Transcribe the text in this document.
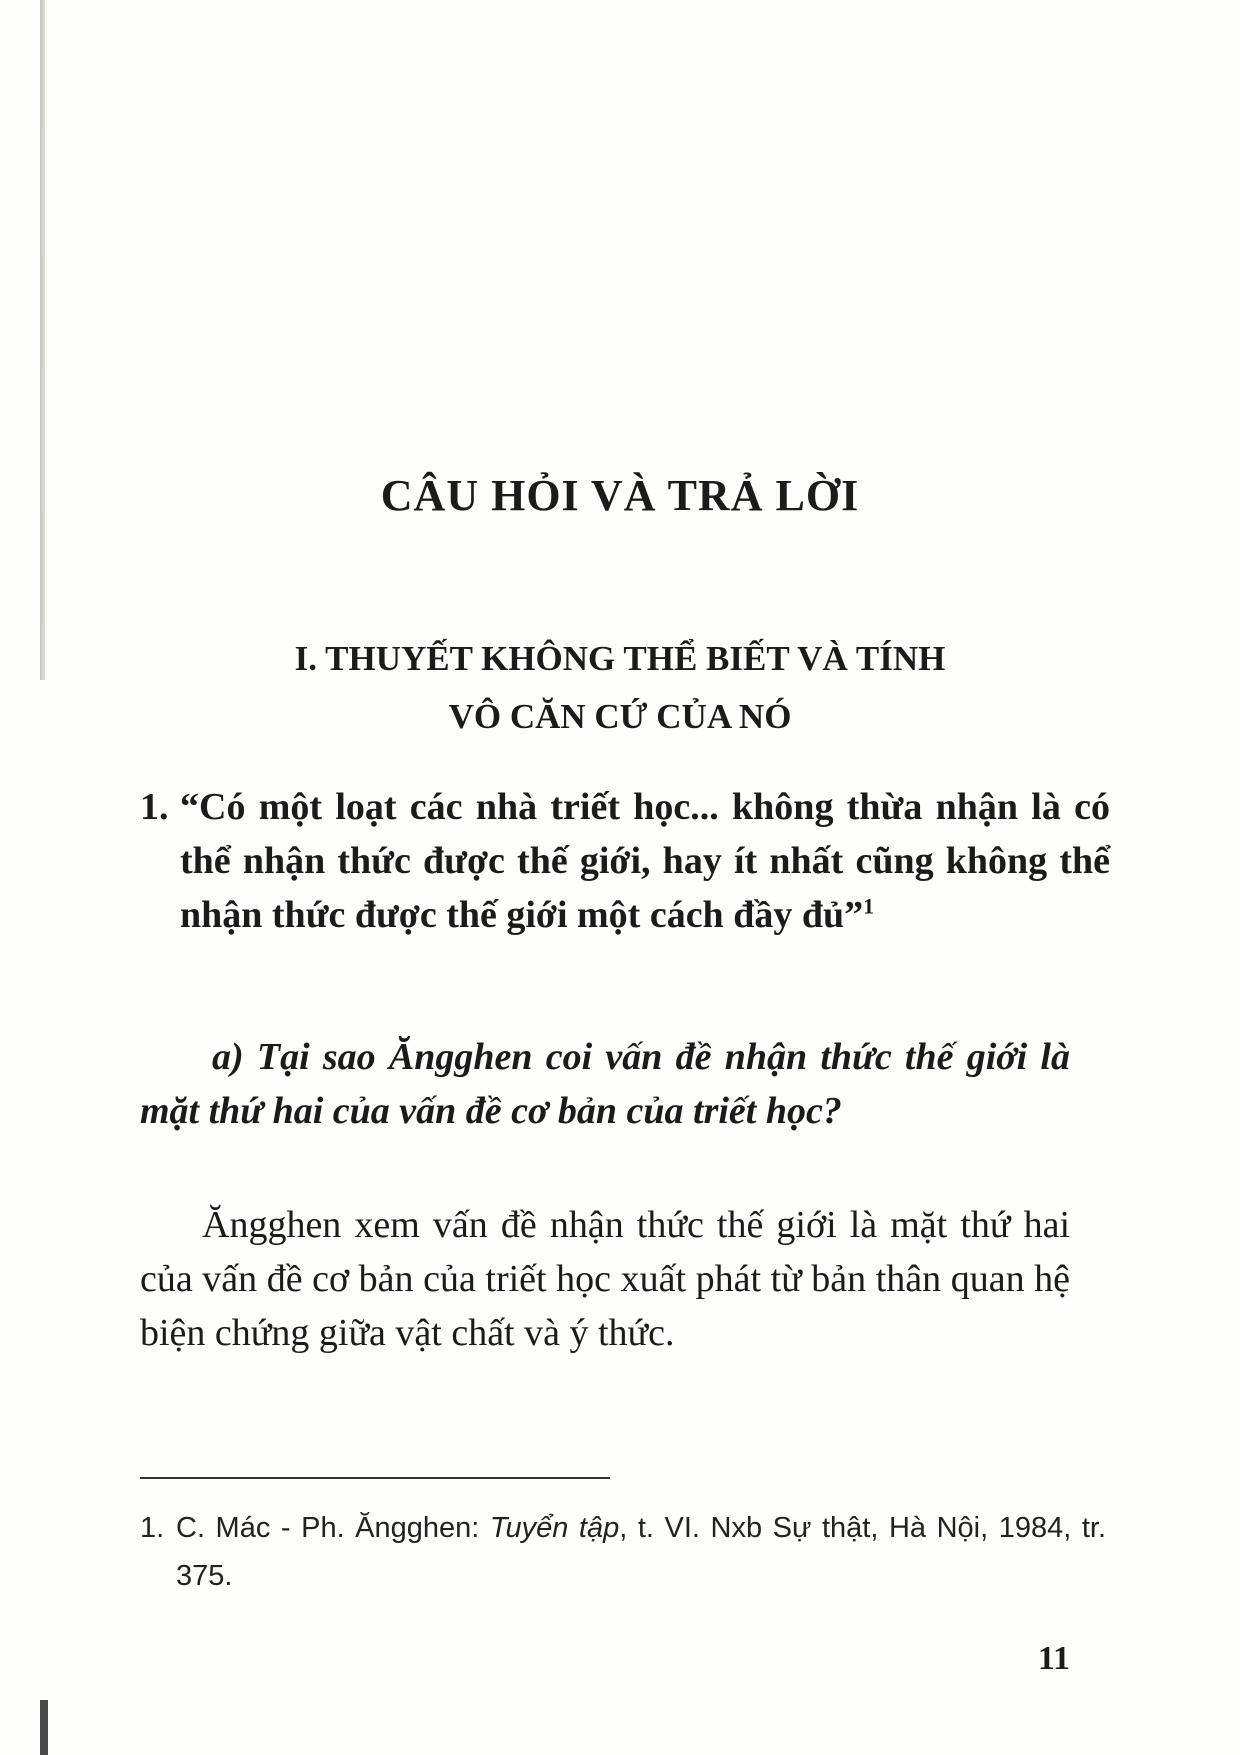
CÂU HỎI VÀ TRẢ LỜI
I. THUYẾT KHÔNG THỂ BIẾT VÀ TÍNH
VÔ CĂN CỨ CỦA NÓ

1. “Có một loạt các nhà triết học... không thừa nhận là có thể nhận thức được thế giới, hay ít nhất cũng không thể nhận thức được thế giới một cách đầy đủ”$^1$

a) Tại sao Ăngghen coi vấn đề nhận thức thế giới là mặt thứ hai của vấn đề cơ bản của triết học?

Ăngghen xem vấn đề nhận thức thế giới là mặt thứ hai của vấn đề cơ bản của triết học xuất phát từ bản thân quan hệ biện chứng giữa vật chất và ý thức.

1. C. Mác - Ph. Ăngghen: Tuyển tập, t. VI. Nxb Sự thật, Hà Nội, 1984, tr. 375.

11
